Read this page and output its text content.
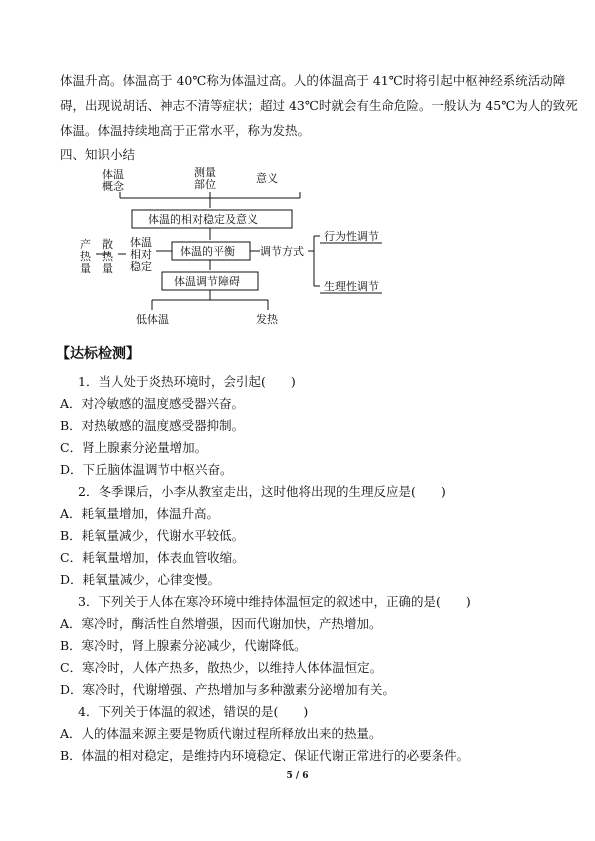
体温升高。体温高于 40℃称为体温过高。人的体温高于 41℃时将引起中枢神经系统活动障
碍，出现说胡话、神志不清等症状；超过 43℃时就会有生命危险。一般认为 45℃为人的致死
体温。体温持续地高于正常水平，称为发热。
四、知识小结
体温
概念
测量
部位	意义
体温的相对稳定及意义
产
热
散
热
量 量
体温
相对
稳定
体温的平衡 调节方式
行为性调节
生理性调节
体温调节障碍
低体温	发热
【达标检测】
1．当人处于炎热环境时，会引起(　　)
A．对冷敏感的温度感受器兴奋。
B．对热敏感的温度感受器抑制。
C．肾上腺素分泌量增加。
D．下丘脑体温调节中枢兴奋。
2．冬季课后，小李从教室走出，这时他将出现的生理反应是(　　)
A．耗氧量增加，体温升高。
B．耗氧量减少，代谢水平较低。
C．耗氧量增加，体表血管收缩。
D．耗氧量减少，心律变慢。
3．下列关于人体在寒冷环境中维持体温恒定的叙述中，正确的是(　　)
A．寒冷时，酶活性自然增强，因而代谢加快，产热增加。
B．寒冷时，肾上腺素分泌减少，代谢降低。
C．寒冷时，人体产热多，散热少，以维持人体体温恒定。
D．寒冷时，代谢增强、产热增加与多种激素分泌增加有关。
4．下列关于体温的叙述，错误的是(　　)
A．人的体温来源主要是物质代谢过程所释放出来的热量。
B．体温的相对稳定，是维持内环境稳定、保证代谢正常进行的必要条件。
5 / 6
